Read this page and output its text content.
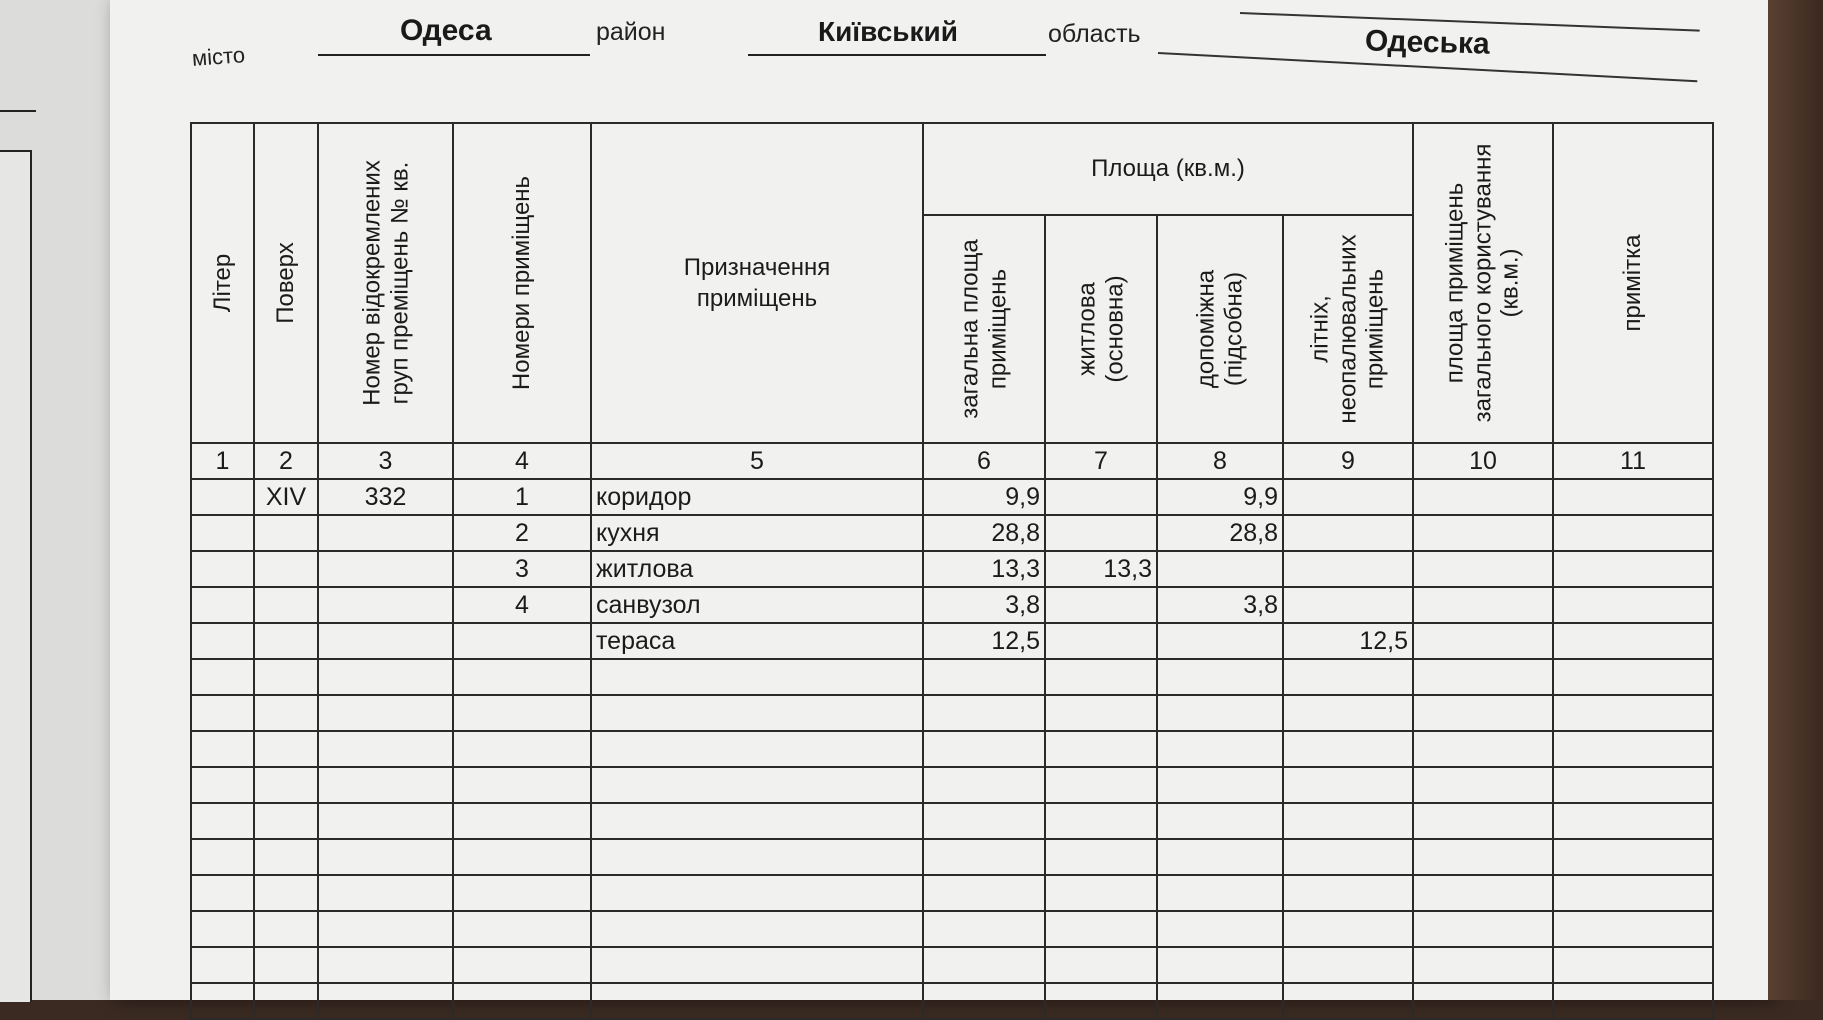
місто
Одеса	район	Київський	область	Одеська
Літер	Поверх	Номер відокремлених груп преміщень № кв.	Номери приміщень	Призначення приміщень	Площа (кв.м.)				площа приміщень загального користування (кв.м.)	примітка

					загальна площа приміщень	житлова (основна)	допоміжна (підсобна)	літніх, неопалювальних приміщень		

1	2	3	4	5	6	7	8	9	10	11
	XIV	332	1	коридор	9,9		9,9			
			2	кухня	28,8		28,8			
			3	житлова	13,3	13,3				
			4	санвузол	3,8		3,8			
				тераса	12,5			12,5		
